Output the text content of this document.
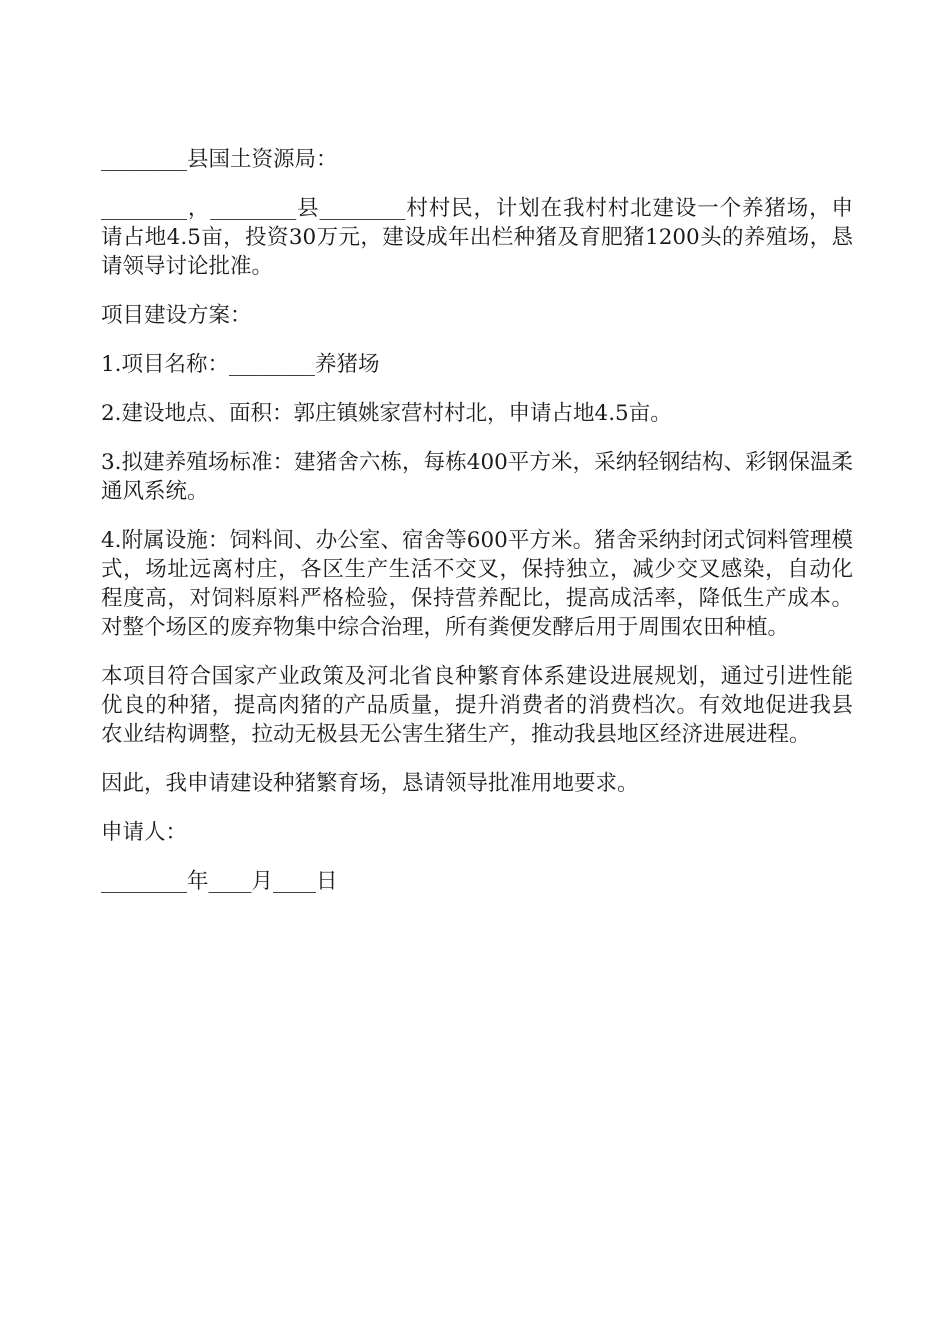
________县国土资源局：

________，________县________村村民，计划在我村村北建设一个养猪场，申请占地4.5亩，投资30万元，建设成年出栏种猪及育肥猪1200头的养殖场，恳请领导讨论批准。

项目建设方案：

1.项目名称：________养猪场

2.建设地点、面积：郭庄镇姚家营村村北，申请占地4.5亩。

3.拟建养殖场标准：建猪舍六栋，每栋400平方米，采纳轻钢结构、彩钢保温柔通风系统。

4.附属设施：饲料间、办公室、宿舍等600平方米。猪舍采纳封闭式饲料管理模式，场址远离村庄，各区生产生活不交叉，保持独立，减少交叉感染，自动化程度高，对饲料原料严格检验，保持营养配比，提高成活率，降低生产成本。对整个场区的废弃物集中综合治理，所有粪便发酵后用于周围农田种植。

本项目符合国家产业政策及河北省良种繁育体系建设进展规划，通过引进性能优良的种猪，提高肉猪的产品质量，提升消费者的消费档次。有效地促进我县农业结构调整，拉动无极县无公害生猪生产，推动我县地区经济进展进程。

因此，我申请建设种猪繁育场，恳请领导批准用地要求。

申请人：

________年____月____日
